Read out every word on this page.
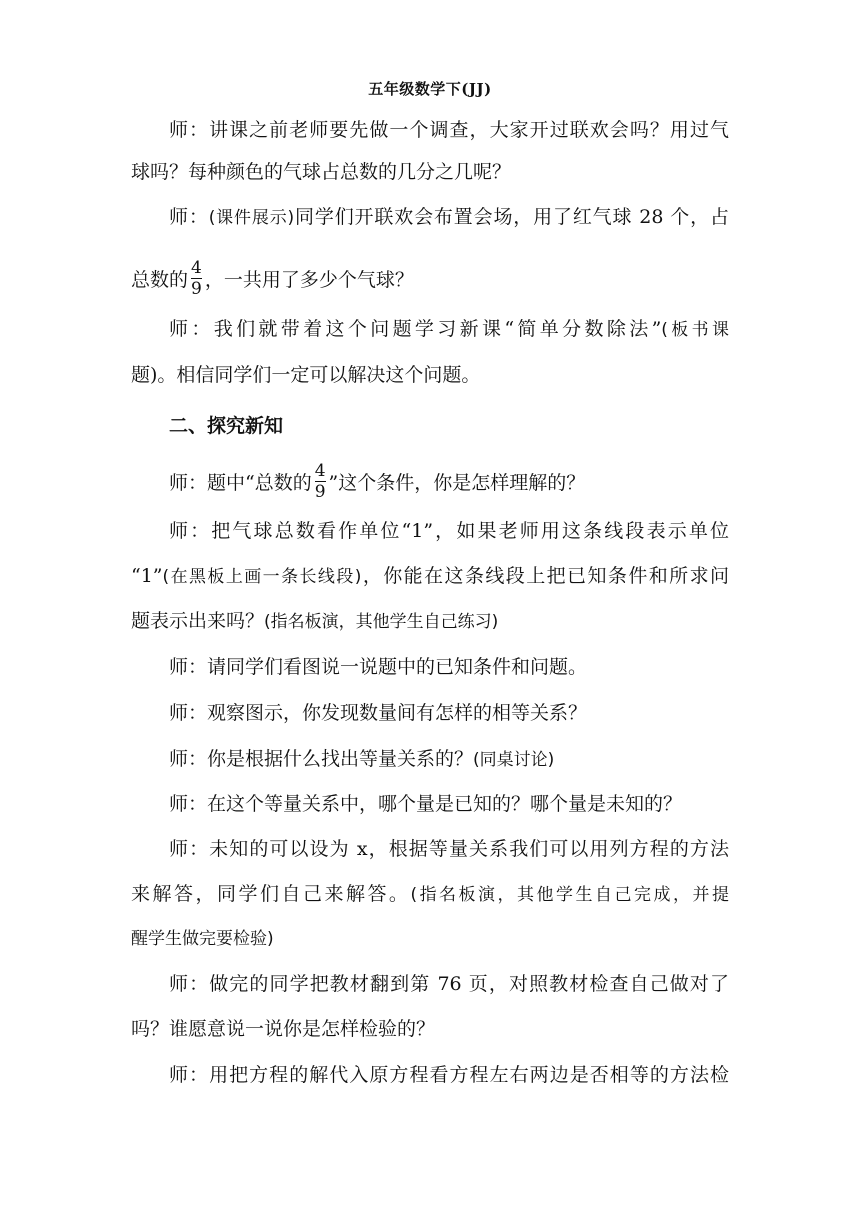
五年级数学下(JJ)
师：讲课之前老师要先做一个调查，大家开过联欢会吗？用过气
球吗？每种颜色的气球占总数的几分之几呢？
师：(课件展示)同学们开联欢会布置会场，用了红气球 28 个，占
总数的 $\frac{4}{9}$ ，一共用了多少个气球？
师：我们就带着这个问题学习新课“简单分数除法”(板书课
题)。相信同学们一定可以解决这个问题。
二、探究新知
师：题中“总数的 $\frac{4}{9}$ ”这个条件，你是怎样理解的？
师：把气球总数看作单位“1”，如果老师用这条线段表示单位
“1”(在黑板上画一条长线段)，你能在这条线段上把已知条件和所求问
题表示出来吗？(指名板演，其他学生自己练习)
师：请同学们看图说一说题中的已知条件和问题。
师：观察图示，你发现数量间有怎样的相等关系？
师：你是根据什么找出等量关系的？(同桌讨论)
师：在这个等量关系中，哪个量是已知的？哪个量是未知的？
师：未知的可以设为 x，根据等量关系我们可以用列方程的方法
来解答，同学们自己来解答。(指名板演，其他学生自己完成，并提
醒学生做完要检验)
师：做完的同学把教材翻到第 76 页，对照教材检查自己做对了
吗？谁愿意说一说你是怎样检验的？
师：用把方程的解代入原方程看方程左右两边是否相等的方法检
